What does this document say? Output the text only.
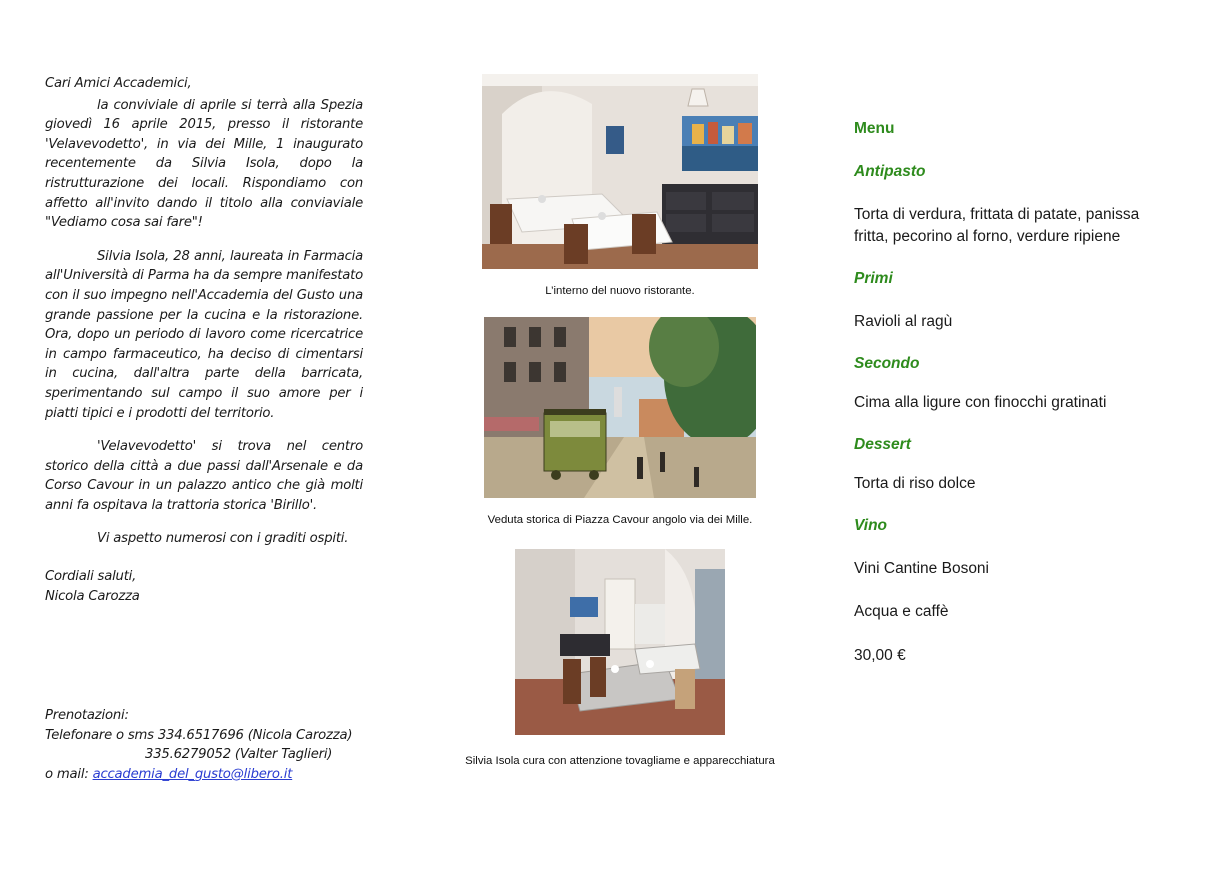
Cari Amici Accademici,

la conviviale di aprile si terrà alla Spezia giovedì 16 aprile 2015, presso il ristorante 'Velavevodetto', in via dei Mille, 1 inaugurato recentemente da Silvia Isola, dopo la ristrutturazione dei locali. Rispondiamo con affetto all'invito dando il titolo alla conviaviale "Vediamo cosa sai fare"!

Silvia Isola, 28 anni, laureata in Farmacia all'Università di Parma ha da sempre manifestato con il suo impegno nell'Accademia del Gusto una grande passione per la cucina e la ristorazione. Ora, dopo un periodo di lavoro come ricercatrice in campo farmaceutico, ha deciso di cimentarsi in cucina, dall'altra parte della barricata, sperimentando sul campo il suo amore per i piatti tipici e i prodotti del territorio.

'Velavevodetto' si trova nel centro storico della città a due passi dall'Arsenale e da Corso Cavour in un palazzo antico che già molti anni fa ospitava la trattoria storica 'Birillo'.

Vi aspetto numerosi con i graditi ospiti.

Cordiali saluti,

Nicola Carozza

Prenotazioni:
Telefonare o sms 334.6517696 (Nicola Carozza)
335.6279052 (Valter Taglieri)
o mail: accademia_del_gusto@libero.it
L’interno del nuovo ristorante.
Veduta storica di Piazza Cavour angolo via dei Mille.
Silvia Isola cura con attenzione tovagliame e apparecchiatura
Menu
Antipasto
Torta di verdura, frittata di patate, panissa fritta, pecorino al forno, verdure ripiene
Primi
Ravioli al ragù
Secondo
Cima alla ligure con finocchi gratinati
Dessert
Torta di riso dolce
Vino
Vini Cantine Bosoni
Acqua e caffè
30,00 €
